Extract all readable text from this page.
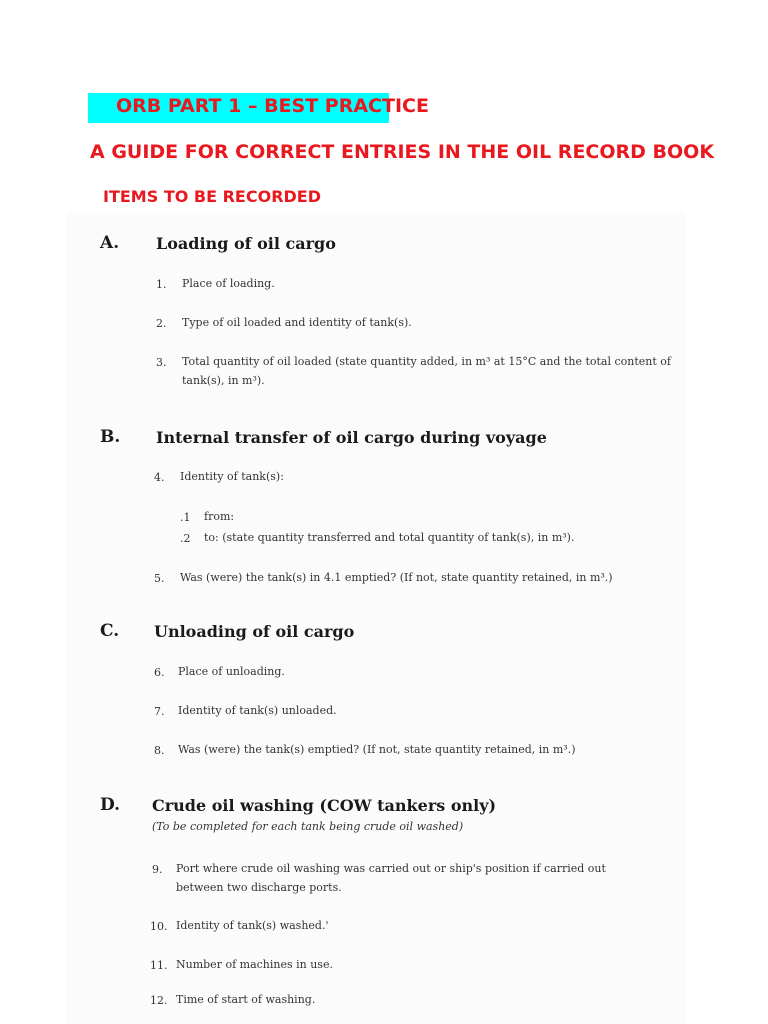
ORB PART 1 – BEST PRACTICE
A GUIDE FOR CORRECT ENTRIES IN THE OIL RECORD BOOK
ITEMS TO BE RECORDED
A. Loading of oil cargo
1. Place of loading.
2. Type of oil loaded and identity of tank(s).
3. Total quantity of oil loaded (state quantity added, in m³ at 15°C and the total content of tank(s), in m³).
B. Internal transfer of oil cargo during voyage
4. Identity of tank(s):
.1 from:
.2 to: (state quantity transferred and total quantity of tank(s), in m³).
5. Was (were) the tank(s) in 4.1 emptied? (If not, state quantity retained, in m³.)
C. Unloading of oil cargo
6. Place of unloading.
7. Identity of tank(s) unloaded.
8. Was (were) the tank(s) emptied? (If not, state quantity retained, in m³.)
D. Crude oil washing (COW tankers only)
(To be completed for each tank being crude oil washed)
9. Port where crude oil washing was carried out or ship's position if carried out between two discharge ports.
10. Identity of tank(s) washed.'
11. Number of machines in use.
12. Time of start of washing.
